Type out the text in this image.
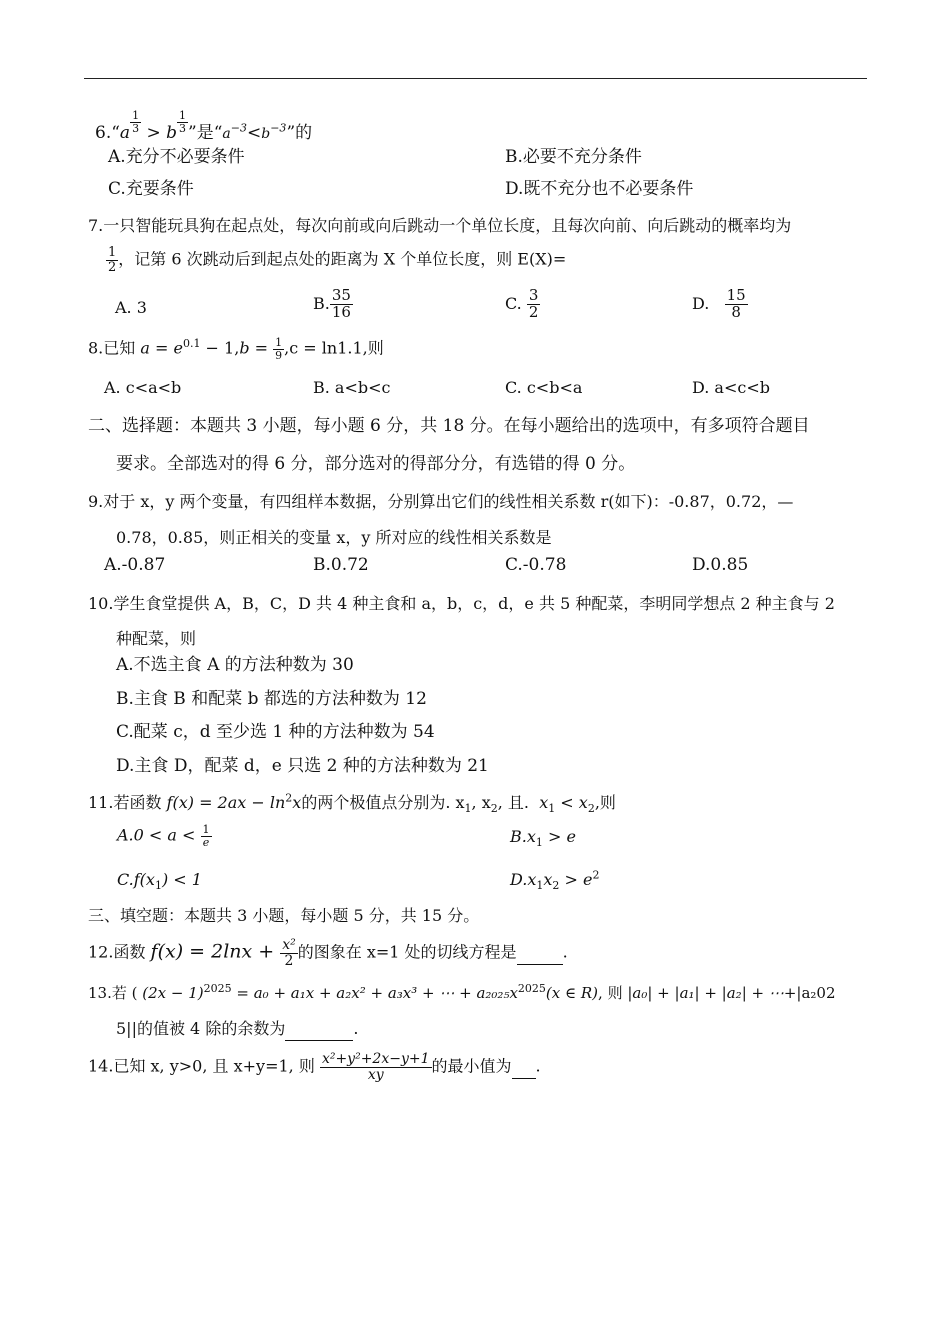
6.“a $\frac{1}{3} > b \frac{1}{3}$ ”是“$a^{-3}<b^{-3}$”的
A.充分不必要条件	B.必要不充分条件
C.充要条件	D.既不充分也不必要条件
7.一只智能玩具狗在起点处，每次向前或向后跳动一个单位长度，且每次向前、向后跳动的概率均为
$\frac{1}{2}$ ，记第 6 次跳动后到起点处的距离为 X 个单位长度，则 E(X)=
A. 3	B. $\frac{35}{16}$	C. $\frac{3}{2}$	D. $\frac{15}{8}$
8.已知 $a = e^{0.1} - 1,b = \frac{1}{9} ,c = \ln 1.1$,则
A. c<a<b	B. a<b<c	C. c<b<a	D. a<c<b
二、选择题：本题共 3 小题，每小题 6 分，共 18 分。在每小题给出的选项中，有多项符合题目
要求。全部选对的得 6 分，部分选对的得部分分，有选错的得 0 分。
9.对于 x，y 两个变量，有四组样本数据，分别算出它们的线性相关系数 r(如下)：-0.87，0.72，—
0.78，0.85，则正相关的变量 x，y 所对应的线性相关系数是
A.-0.87	B.0.72	C.-0.78	D.0.85
10.学生食堂提供 A，B，C，D 共 4 种主食和 a，b，c，d，e 共 5 种配菜，李明同学想点 2 种主食与 2
种配菜，则
A.不选主食 A 的方法种数为 30
B.主食 B 和配菜 b 都选的方法种数为 12
C.配菜 c，d 至少选 1 种的方法种数为 54
D.主食 D，配菜 d，e 只选 2 种的方法种数为 21
11.若函数 $f(x) = 2ax - \ln^2x$的两个极值点分别为. $x_1$, $x_2$, 且.  $x_1 < x_2$,则
$A.0 < a < \frac{1}{e}$	$B.x_1 > e$
$C.f(x_1) < 1$	$D.x_1x_2 > e^2$
三、填空题：本题共 3 小题，每小题 5 分，共 15 分。
12.函数 $f(x) = 2\ln x + \frac{\text{x²}}{2}$ 的图象在 x=1 处的切线方程是	.
13.若 ( $(2x - 1)^{2025} = a_0 + a_1x + a_2x^2 + a_3x^3$ + ⋯ + $a_{2025}x^{2025}(x$ ∈ R), 则 |a₀| + |a₁| + |a₂| + ⋯+|a₂02
5||的值被 4 除的余数为	.
14.已知 x, y>0, 且 x+y=1, 则 $\frac{\text{x²+y²+2x−y+1}}{xy}$ 的最小值为 .
